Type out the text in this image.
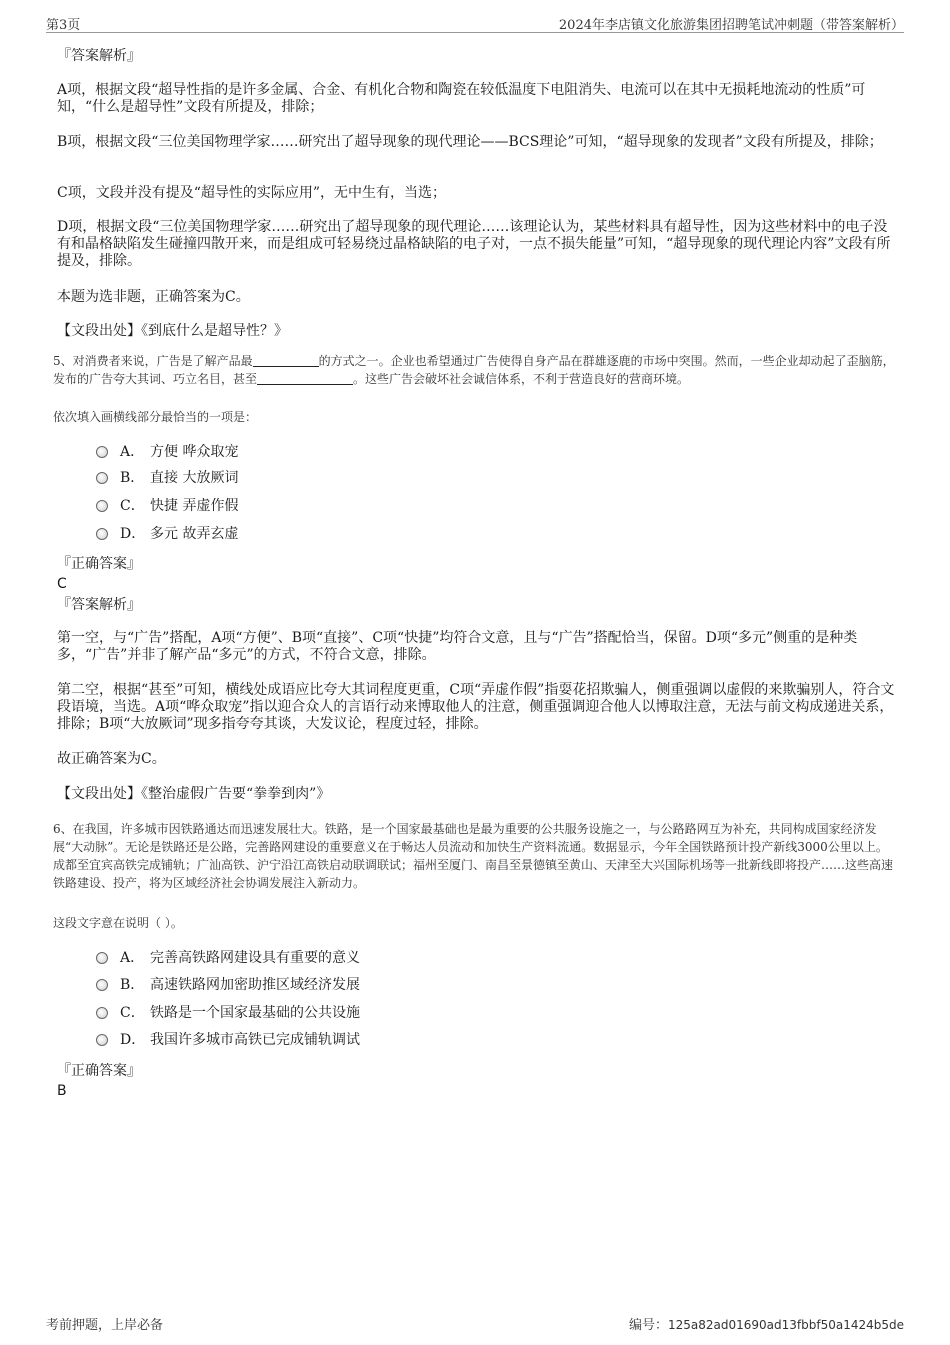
第3页	2024年李店镇文化旅游集团招聘笔试冲刺题（带答案解析）
『答案解析』
A项，根据文段“超导性指的是许多金属、合金、有机化合物和陶瓷在较低温度下电阻消失、电流可以在其中无损耗地流动的性质”可知，“什么是超导性”文段有所提及，排除；
B项，根据文段“三位美国物理学家……研究出了超导现象的现代理论——BCS理论”可知，“超导现象的发现者”文段有所提及，排除；
C项，文段并没有提及“超导性的实际应用”，无中生有，当选；
D项，根据文段“三位美国物理学家……研究出了超导现象的现代理论……该理论认为，某些材料具有超导性，因为这些材料中的电子没有和晶格缺陷发生碰撞四散开来，而是组成可轻易绕过晶格缺陷的电子对，一点不损失能量”可知，“超导现象的现代理论内容”文段有所提及，排除。
本题为选非题，正确答案为C。
【文段出处】《到底什么是超导性？》
5、对消费者来说，广告是了解产品最	的方式之一。企业也希望通过广告使得自身产品在群雄逐鹿的市场中突围。然而，一些企业却动起了歪脑筋，发布的广告夸大其词、巧立名目，甚至	。这些广告会破坏社会诚信体系，不利于营造良好的营商环境。
依次填入画横线部分最恰当的一项是：
A． 方便 哗众取宠
B． 直接 大放厥词
C． 快捷 弄虚作假
D． 多元 故弄玄虚
『正确答案』
C
『答案解析』
第一空，与“广告”搭配，A项“方便”、B项“直接”、C项“快捷”均符合文意，且与“广告”搭配恰当，保留。D项“多元”侧重的是种类多，“广告”并非了解产品“多元”的方式，不符合文意，排除。
第二空，根据“甚至”可知，横线处成语应比夸大其词程度更重，C项“弄虚作假”指耍花招欺骗人，侧重强调以虚假的来欺骗别人，符合文段语境，当选。A项“哗众取宠”指以迎合众人的言语行动来博取他人的注意，侧重强调迎合他人以博取注意，无法与前文构成递进关系，排除；B项“大放厥词”现多指夸夸其谈，大发议论，程度过轻，排除。
故正确答案为C。
【文段出处】《整治虚假广告要“拳拳到肉”》
6、在我国，许多城市因铁路通达而迅速发展壮大。铁路，是一个国家最基础也是最为重要的公共服务设施之一，与公路路网互为补充，共同构成国家经济发展“大动脉”。无论是铁路还是公路，完善路网建设的重要意义在于畅达人员流动和加快生产资料流通。数据显示，今年全国铁路预计投产新线3000公里以上。成都至宜宾高铁完成铺轨；广汕高铁、沪宁沿江高铁启动联调联试；福州至厦门、南昌至景德镇至黄山、天津至大兴国际机场等一批新线即将投产……这些高速铁路建设、投产，将为区域经济社会协调发展注入新动力。
这段文字意在说明（ ）。
A． 完善高铁路网建设具有重要的意义
B． 高速铁路网加密助推区域经济发展
C． 铁路是一个国家最基础的公共设施
D． 我国许多城市高铁已完成铺轨调试
『正确答案』
B
考前押题，上岸必备	编号：125a82ad01690ad13fbbf50a1424b5de
